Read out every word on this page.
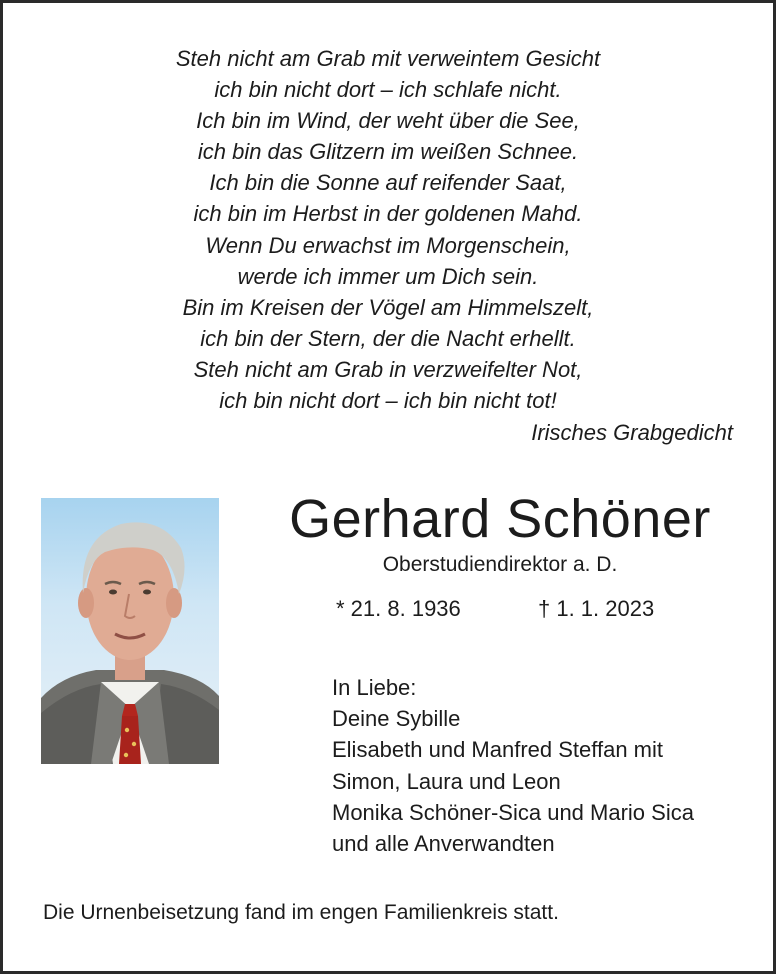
Steh nicht am Grab mit verweintem Gesicht
ich bin nicht dort – ich schlafe nicht.
Ich bin im Wind, der weht über die See,
ich bin das Glitzern im weißen Schnee.
Ich bin die Sonne auf reifender Saat,
ich bin im Herbst in der goldenen Mahd.
Wenn Du erwachst im Morgenschein,
werde ich immer um Dich sein.
Bin im Kreisen der Vögel am Himmelszelt,
ich bin der Stern, der die Nacht erhellt.
Steh nicht am Grab in verzweifelter Not,
ich bin nicht dort – ich bin nicht tot!
Irisches Grabgedicht
Gerhard Schöner
Oberstudiendirektor a. D.
* 21. 8. 1936	† 1. 1. 2023
In Liebe:
Deine Sybille
Elisabeth und Manfred Steffan mit
Simon, Laura und Leon
Monika Schöner-Sica und Mario Sica
und alle Anverwandten
Die Urnenbeisetzung fand im engen Familienkreis statt.
